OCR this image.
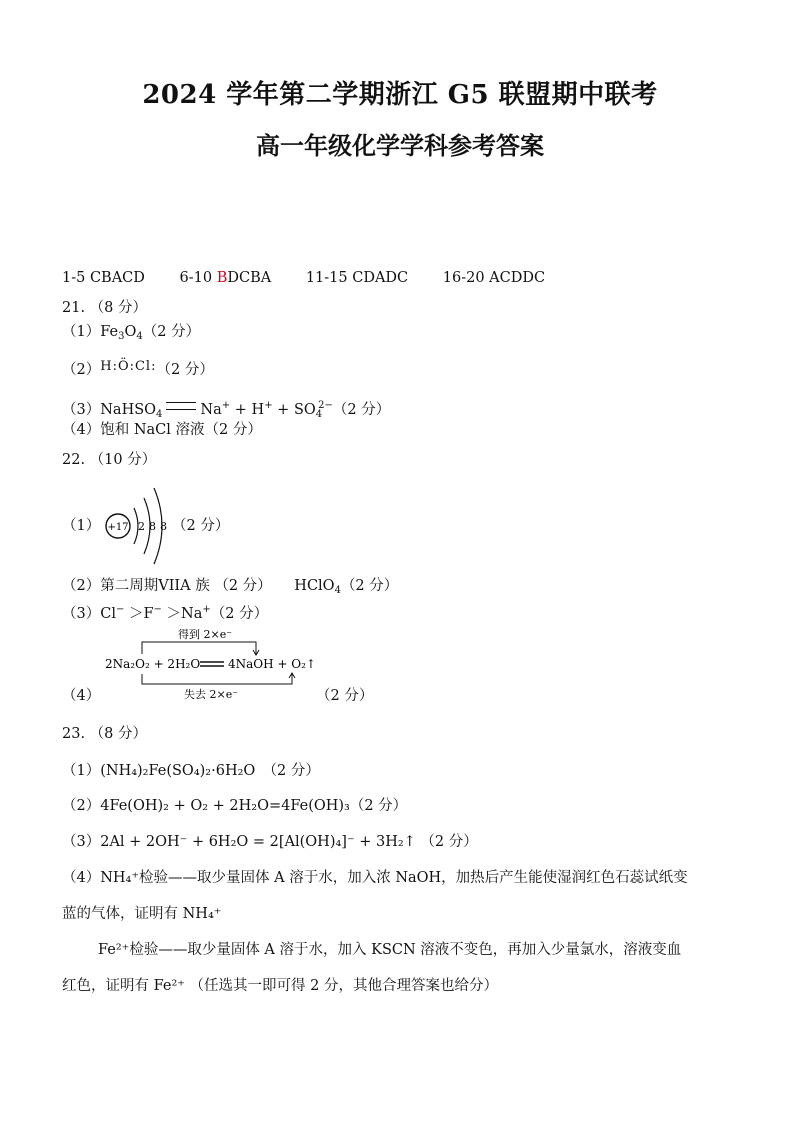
2024 学年第二学期浙江 G5 联盟期中联考
高一年级化学学科参考答案
1-5 CBACD 6-10 BDCBA 11-15 CDADC 16-20 ACDDC
21. （8 分）
$(1)Fe_3O_4(2$ 分）
（2）H:Ö:Cl:（2 分）
（3）NaHSO$_4$	$Na^+ + H^+ + SO_4^{2-}(2$ 分）
（4）饱和 NaCl 溶液（2 分）
22. （10 分）
（1） +17 2 8 8 （2 分）
（2）第二周期VIIA 族 （2 分） HClO$_4$（2 分）
（3）Cl− ＞F− ＞Na+（2 分）
得到 2×e⁻
2Na₂O₂ + 2H₂O 4NaOH + O₂↑
失去 2×e⁻
（4）	（2 分）
23. （8 分）
（1）(NH₄)₂Fe(SO₄)₂·6H₂O　（2 分）
（2）4Fe(OH)₂ + O₂ + 2H₂O=4Fe(OH)₃（2 分）
（3）2Al + 2OH⁻ + 6H₂O = 2[Al(OH)₄]⁻ + 3H₂↑ （2 分）
（4）NH₄⁺检验——取少量固体 A 溶于水，加入浓 NaOH，加热后产生能使湿润红色石蕊试纸变
蓝的气体，证明有 NH₄⁺
Fe²⁺检验——取少量固体 A 溶于水，加入 KSCN 溶液不变色，再加入少量氯水，溶液变血
红色，证明有 Fe²⁺ （任选其一即可得 2 分，其他合理答案也给分）
